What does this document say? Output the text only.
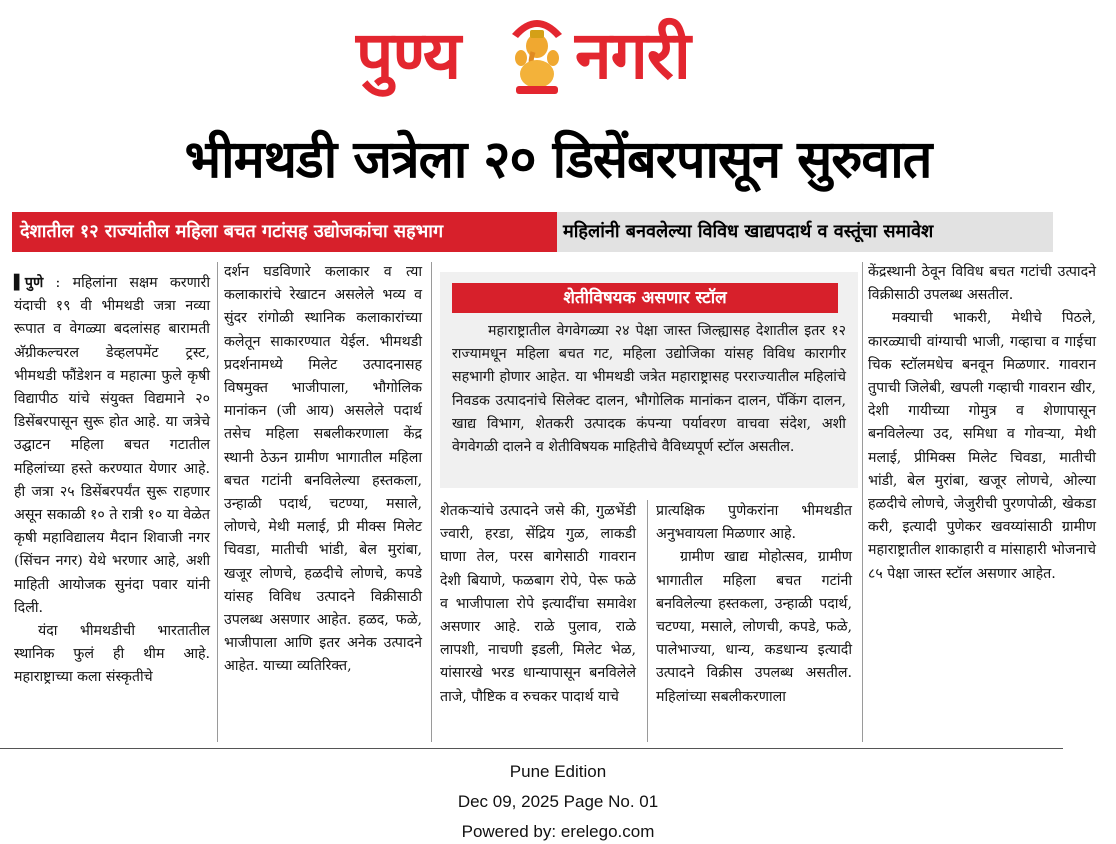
पुण्य नगरी
भीमथडी जत्रेला २० डिसेंबरपासून सुरुवात
देशातील १२ राज्यांतील महिला बचत गटांसह उद्योजकांचा सहभाग	महिलांनी बनवलेल्या विविध खाद्यपदार्थ व वस्तूंचा समावेश

▌पुणे : महिलांना सक्षम करणारी यंदाची १९ वी भीमथडी जत्रा नव्या रूपात व वेगळ्या बदलांसह बारामती अ‍ॅग्रीकल्चरल डेव्हलपमेंट ट्रस्ट, भीमथडी फौंडेशन व महात्मा फुले कृषी विद्यापीठ यांचे संयुक्त विद्यमाने २० डिसेंबरपासून सुरू होत आहे. या जत्रेचे उद्घाटन महिला बचत गटातील महिलांच्या हस्ते करण्यात येणार आहे. ही जत्रा २५ डिसेंबरपर्यंत सुरू राहणार असून सकाळी १० ते रात्री १० या वेळेत कृषी महाविद्यालय मैदान शिवाजी नगर (सिंचन नगर) येथे भरणार आहे, अशी माहिती आयोजक सुनंदा पवार यांनी दिली.

यंदा भीमथडीची भारतातील स्थानिक फुलं ही थीम आहे. महाराष्ट्राच्या कला संस्कृतीचे

दर्शन घडविणारे कलाकार व त्या कलाकारांचे रेखाटन असलेले भव्य व सुंदर रांगोळी स्थानिक कलाकारांच्या कलेतून साकारण्यात येईल. भीमथडी प्रदर्शनामध्ये मिलेट उत्पादनासह विषमुक्त भाजीपाला, भौगोलिक मानांकन (जी आय) असलेले पदार्थ तसेच महिला सबलीकरणाला केंद्र स्थानी ठेऊन ग्रामीण भागातील महिला बचत गटांनी बनविलेल्या हस्तकला, उन्हाळी पदार्थ, चटण्या, मसाले, लोणचे, मेथी मलाई, प्री मीक्स मिलेट चिवडा, मातीची भांडी, बेल मुरांबा, खजूर लोणचे, हळदीचे लोणचे, कपडे यांसह विविध उत्पादने विक्रीसाठी उपलब्ध असणार आहेत. हळद, फळे, भाजीपाला आणि इतर अनेक उत्पादने आहेत. याच्या व्यतिरिक्त,

शेतीविषयक असणार स्टॉल

महाराष्ट्रातील वेगवेगळ्या २४ पेक्षा जास्त जिल्ह्यासह देशातील इतर १२ राज्यामधून महिला बचत गट, महिला उद्योजिका यांसह विविध कारागीर सहभागी होणार आहेत. या भीमथडी जत्रेत महाराष्ट्रासह परराज्यातील महिलांचे निवडक उत्पादनांचे सिलेक्ट दालन, भौगोलिक मानांकन दालन, पॅकिंग दालन, खाद्य विभाग, शेतकरी उत्पादक कंपन्या पर्यावरण वाचवा संदेश, अशी वेगवेगळी दालने व शेतीविषयक माहितीचे वैविध्यपूर्ण स्टॉल असतील.

शेतकऱ्यांचे उत्पादने जसे की, गुळभेंडी ज्वारी, हरडा, सेंद्रिय गुळ, लाकडी घाणा तेल, परस बागेसाठी गावरान देशी बियाणे, फळबाग रोपे, पेरू फळे व भाजीपाला रोपे इत्यादींचा समावेश असणार आहे. राळे पुलाव, राळे लापशी, नाचणी इडली, मिलेट भेळ, यांसारखे भरड धान्यापासून बनविलेले ताजे, पौष्टिक व रुचकर पादार्थ याचे

प्रात्यक्षिक पुणेकरांना भीमथडीत अनुभवायला मिळणार आहे.

ग्रामीण खाद्य मोहोत्सव, ग्रामीण भागातील महिला बचत गटांनी बनविलेल्या हस्तकला, उन्हाळी पदार्थ, चटण्या, मसाले, लोणची, कपडे, फळे, पालेभाज्या, धान्य, कडधान्य इत्यादी उत्पादने विक्रीस उपलब्ध असतील. महिलांच्या सबलीकरणाला

केंद्रस्थानी ठेवून विविध बचत गटांची उत्पादने विक्रीसाठी उपलब्ध असतील.

मक्याची भाकरी, मेथीचे पिठले, कारळ्याची वांग्याची भाजी, गव्हाचा व गाईचा चिक स्टॉलमधेच बनवून मिळणार. गावरान तुपाची जिलेबी, खपली गव्हाची गावरान खीर, देशी गायीच्या गोमुत्र व शेणापासून बनविलेल्या उद, समिधा व गोवऱ्या, मेथी मलाई, प्रीमिक्स मिलेट चिवडा, मातीची भांडी, बेल मुरांबा, खजूर लोणचे, ओल्या हळदीचे लोणचे, जेजुरीची पुरणपोळी, खेकडा करी, इत्यादी पुणेकर खवय्यांसाठी ग्रामीण महाराष्ट्रातील शाकाहारी व मांसाहारी भोजनाचे ८५ पेक्षा जास्त स्टॉल असणार आहेत.

Pune Edition
Dec 09, 2025 Page No. 01
Powered by: erelego.com
